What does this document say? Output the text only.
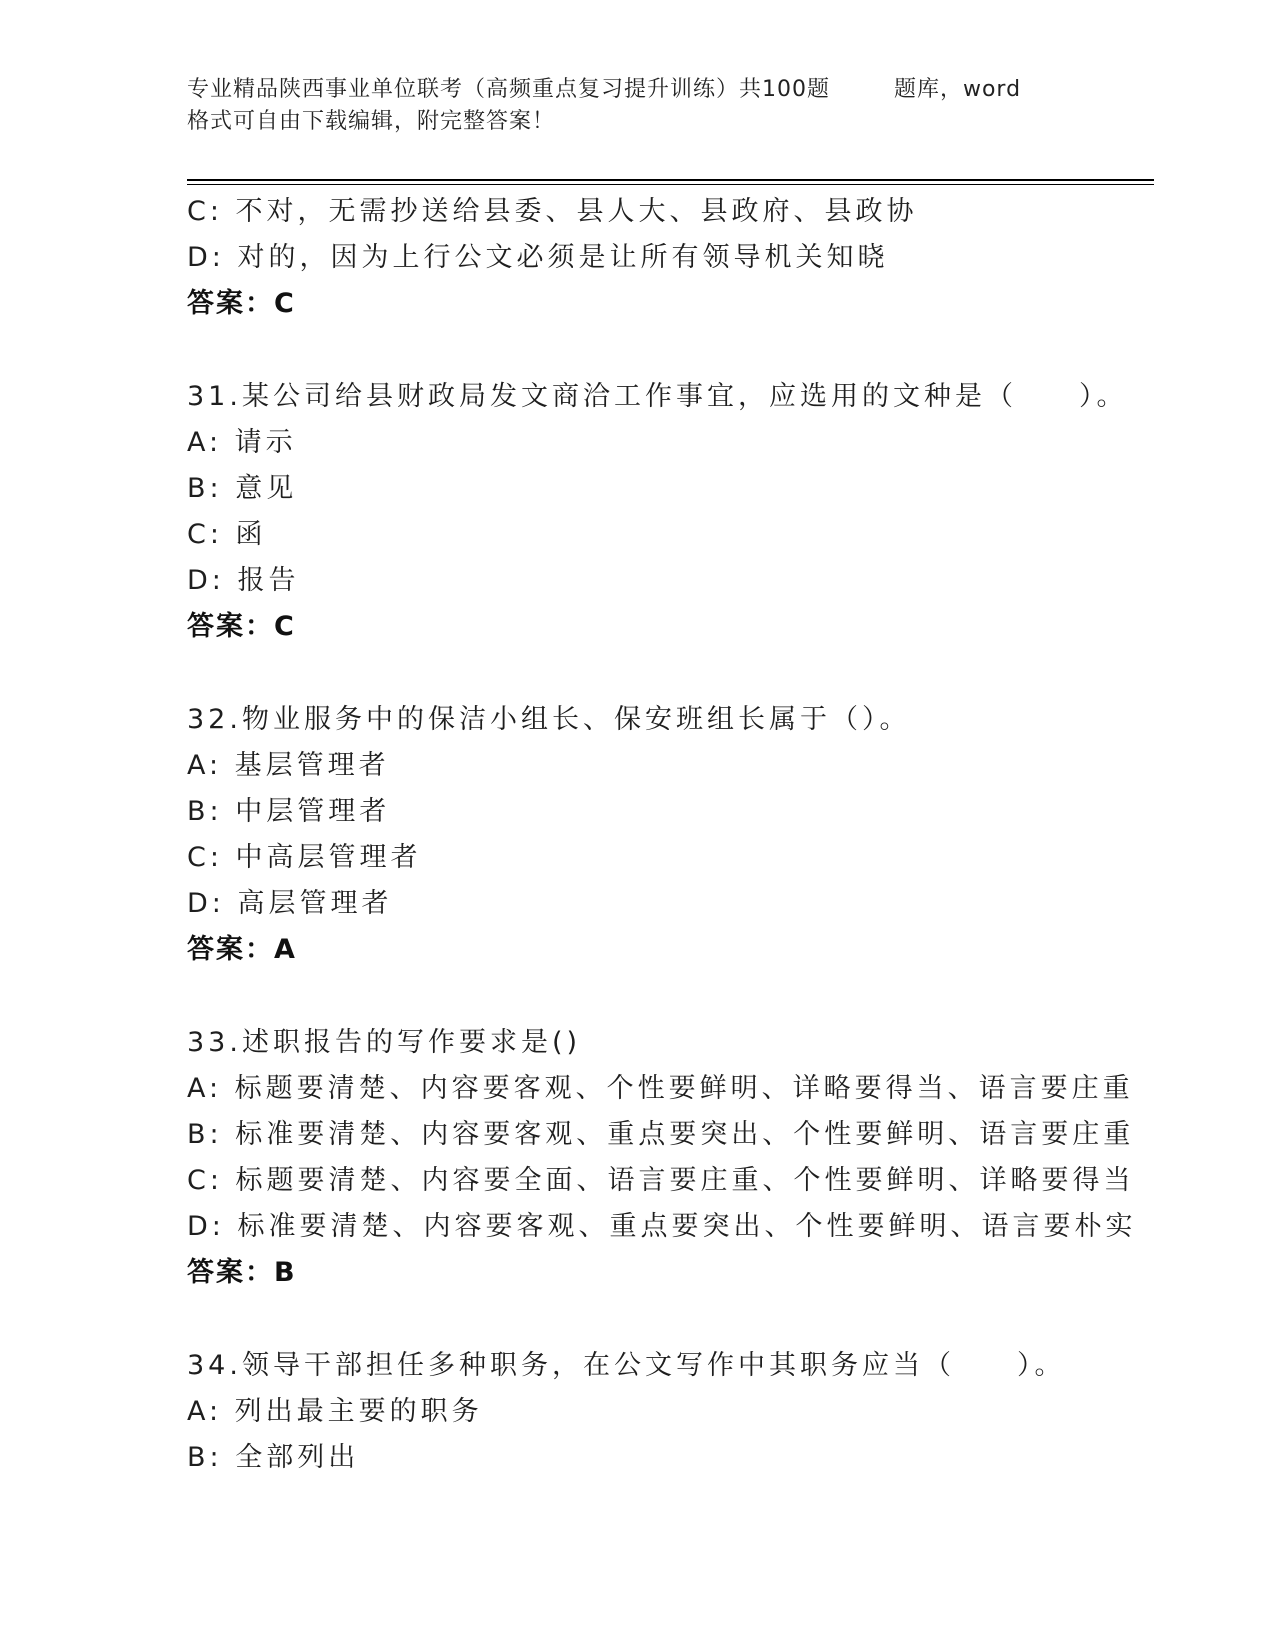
专业精品陕西事业单位联考（高频重点复习提升训练）共100题	题库，word
格式可自由下载编辑，附完整答案！
C: 不对，无需抄送给县委、县人大、县政府、县政协
D: 对的，因为上行公文必须是让所有领导机关知晓
答案：C
31.某公司给县财政局发文商洽工作事宜，应选用的文种是（　　）。
A: 请示
B: 意见
C: 函
D: 报告
答案：C
32.物业服务中的保洁小组长、保安班组长属于（）。
A: 基层管理者
B: 中层管理者
C: 中高层管理者
D: 高层管理者
答案：A
33.述职报告的写作要求是()
A: 标题要清楚、内容要客观、个性要鲜明、详略要得当、语言要庄重
B: 标准要清楚、内容要客观、重点要突出、个性要鲜明、语言要庄重
C: 标题要清楚、内容要全面、语言要庄重、个性要鲜明、详略要得当
D: 标准要清楚、内容要客观、重点要突出、个性要鲜明、语言要朴实
答案：B
34.领导干部担任多种职务，在公文写作中其职务应当（　　）。
A: 列出最主要的职务
B: 全部列出
